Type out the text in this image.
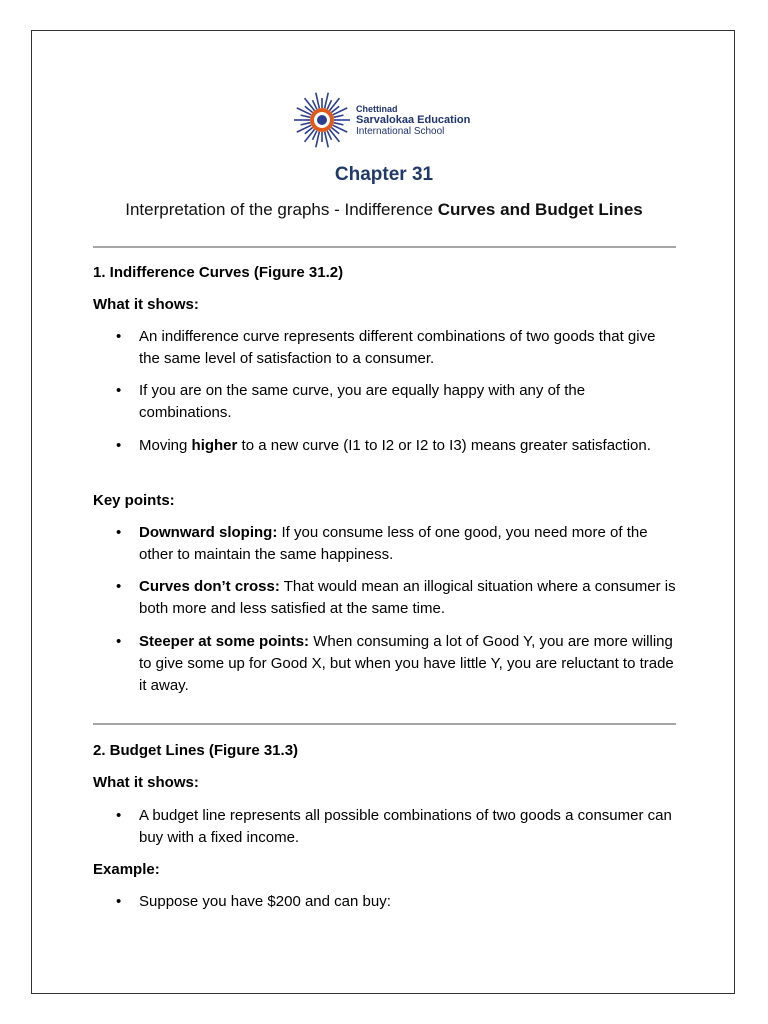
Chettinad
Sarvalokaa Education
International School
Chapter 31
Interpretation of the graphs - Indifference Curves and Budget Lines
1. Indifference Curves (Figure 31.2)
What it shows:
• An indifference curve represents different combinations of two goods that give the same level of satisfaction to a consumer.
• If you are on the same curve, you are equally happy with any of the combinations.
• Moving higher to a new curve (I1 to I2 or I2 to I3) means greater satisfaction.
Key points:
• Downward sloping: If you consume less of one good, you need more of the other to maintain the same happiness.
• Curves don’t cross: That would mean an illogical situation where a consumer is both more and less satisfied at the same time.
• Steeper at some points: When consuming a lot of Good Y, you are more willing to give some up for Good X, but when you have little Y, you are reluctant to trade it away.
2. Budget Lines (Figure 31.3)
What it shows:
• A budget line represents all possible combinations of two goods a consumer can buy with a fixed income.
Example:
• Suppose you have $200 and can buy:
